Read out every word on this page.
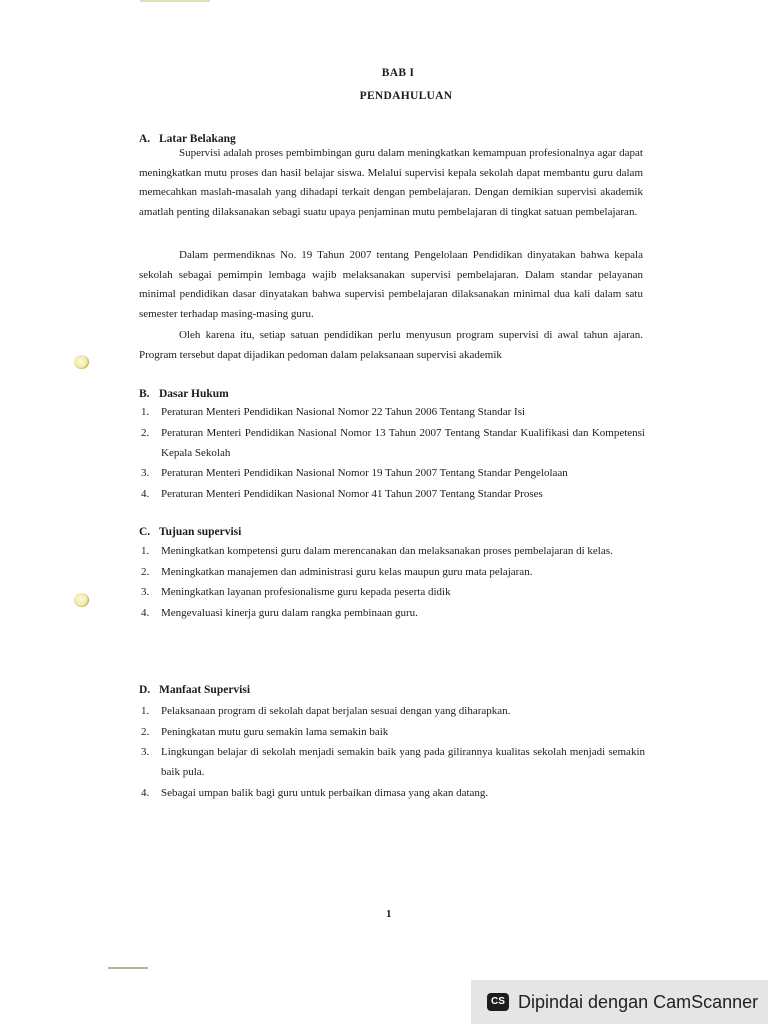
BAB I
PENDAHULUAN
A. Latar Belakang

Supervisi adalah proses pembimbingan guru dalam meningkatkan kemampuan profesionalnya agar dapat meningkatkan mutu proses dan hasil belajar siswa. Melalui supervisi kepala sekolah dapat membantu guru dalam memecahkan maslah-masalah yang dihadapi terkait dengan pembelajaran. Dengan demikian supervisi akademik amatlah penting dilaksanakan sebagi suatu upaya penjaminan mutu pembelajaran di tingkat satuan pembelajaran.

Dalam permendiknas No. 19 Tahun 2007 tentang Pengelolaan Pendidikan dinyatakan bahwa kepala sekolah sebagai pemimpin lembaga wajib melaksanakan supervisi pembelajaran. Dalam standar pelayanan minimal pendidikan dasar dinyatakan bahwa supervisi pembelajaran dilaksanakan minimal dua kali dalam satu semester terhadap masing-masing guru.

Oleh karena itu, setiap satuan pendidikan perlu menyusun program supervisi di awal tahun ajaran. Program tersebut dapat dijadikan pedoman dalam pelaksanaan supervisi akademik

B. Dasar Hukum
1. Peraturan Menteri Pendidikan Nasional Nomor 22 Tahun 2006 Tentang Standar Isi
2. Peraturan Menteri Pendidikan Nasional Nomor 13 Tahun 2007 Tentang Standar Kualifikasi dan Kompetensi Kepala Sekolah
3. Peraturan Menteri Pendidikan Nasional Nomor 19 Tahun 2007 Tentang Standar Pengelolaan
4. Peraturan Menteri Pendidikan Nasional Nomor 41 Tahun 2007 Tentang Standar Proses
C. Tujuan supervisi
1. Meningkatkan kompetensi guru dalam merencanakan dan melaksanakan proses pembelajaran di kelas.
2. Meningkatkan manajemen dan administrasi guru kelas maupun guru mata pelajaran.
3. Meningkatkan layanan profesionalisme guru kepada peserta didik
4. Mengevaluasi kinerja guru dalam rangka pembinaan guru.
D. Manfaat Supervisi
1. Pelaksanaan program di sekolah dapat berjalan sesuai dengan yang diharapkan.
2. Peningkatan mutu guru semakin lama semakin baik
3. Lingkungan belajar di sekolah menjadi semakin baik yang pada gilirannya kualitas sekolah menjadi semakin baik pula.
4. Sebagai umpan balik bagi guru untuk perbaikan dimasa yang akan datang.
1
CS Dipindai dengan CamScanner
